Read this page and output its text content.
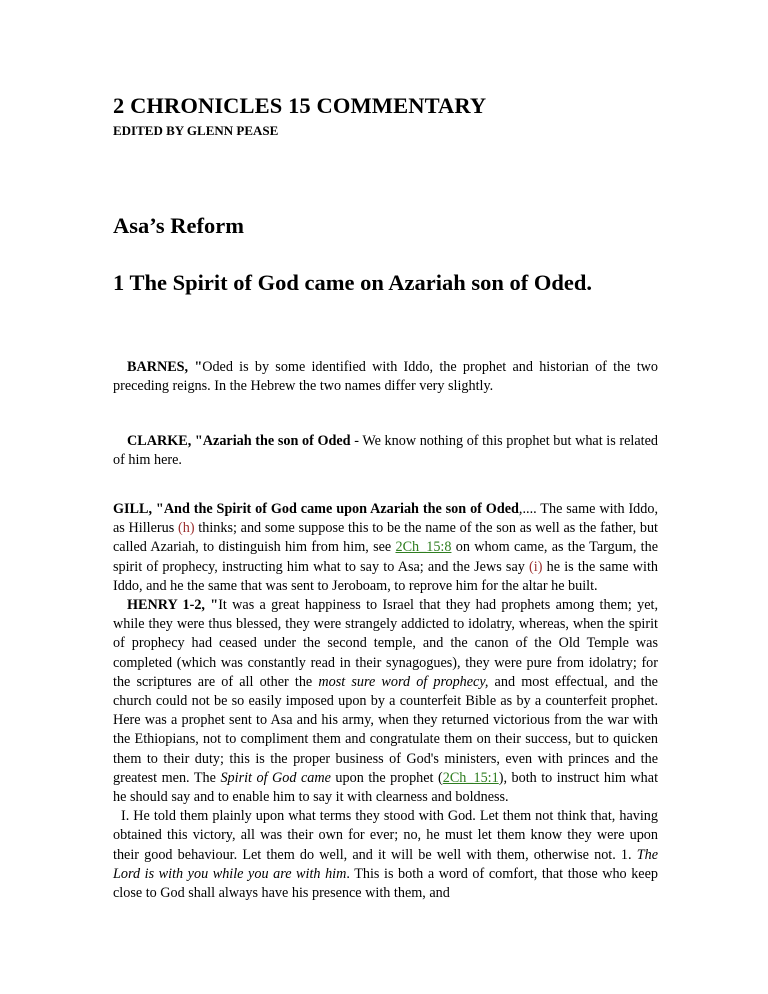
2 CHRONICLES 15 COMMENTARY
EDITED BY GLENN PEASE
Asa’s Reform
1 The Spirit of God came on Azariah son of Oded.
BARNES, "Oded is by some identified with Iddo, the prophet and historian of the two preceding reigns. In the Hebrew the two names differ very slightly.
CLARKE, "Azariah the son of Oded - We know nothing of this prophet but what is related of him here.
GILL, "And the Spirit of God came upon Azariah the son of Oded,.... The same with Iddo, as Hillerus (h) thinks; and some suppose this to be the name of the son as well as the father, but called Azariah, to distinguish him from him, see 2Ch_15:8 on whom came, as the Targum, the spirit of prophecy, instructing him what to say to Asa; and the Jews say (i) he is the same with Iddo, and he the same that was sent to Jeroboam, to reprove him for the altar he built.
HENRY 1-2, "It was a great happiness to Israel that they had prophets among them; yet, while they were thus blessed, they were strangely addicted to idolatry, whereas, when the spirit of prophecy had ceased under the second temple, and the canon of the Old Temple was completed (which was constantly read in their synagogues), they were pure from idolatry; for the scriptures are of all other the most sure word of prophecy, and most effectual, and the church could not be so easily imposed upon by a counterfeit Bible as by a counterfeit prophet. Here was a prophet sent to Asa and his army, when they returned victorious from the war with the Ethiopians, not to compliment them and congratulate them on their success, but to quicken them to their duty; this is the proper business of God's ministers, even with princes and the greatest men. The Spirit of God came upon the prophet (2Ch_15:1), both to instruct him what he should say and to enable him to say it with clearness and boldness.
I. He told them plainly upon what terms they stood with God. Let them not think that, having obtained this victory, all was their own for ever; no, he must let them know they were upon their good behaviour. Let them do well, and it will be well with them, otherwise not. 1. The Lord is with you while you are with him. This is both a word of comfort, that those who keep close to God shall always have his presence with them, and
